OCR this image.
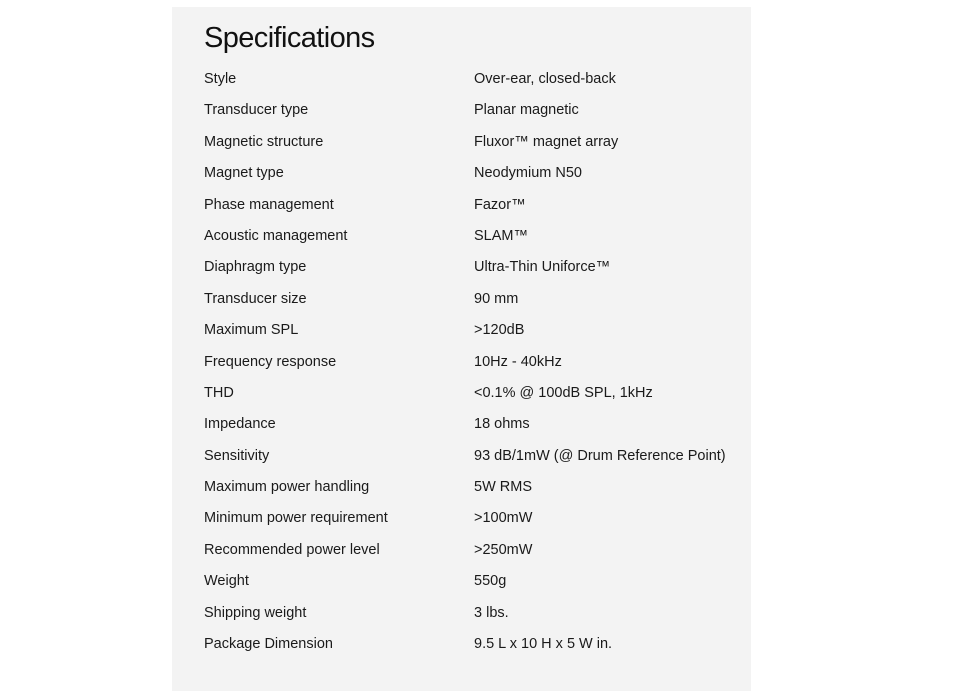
Specifications
Style	Over-ear, closed-back
Transducer type	Planar magnetic
Magnetic structure	Fluxor™ magnet array
Magnet type	Neodymium N50
Phase management	Fazor™
Acoustic management	SLAM™
Diaphragm type	Ultra-Thin Uniforce™
Transducer size	90 mm
Maximum SPL	>120dB
Frequency response	10Hz - 40kHz
THD	<0.1% @ 100dB SPL, 1kHz
Impedance	18 ohms
Sensitivity	93 dB/1mW (@ Drum Reference Point)
Maximum power handling	5W RMS
Minimum power requirement	>100mW
Recommended power level	>250mW
Weight	550g
Shipping weight	3 lbs.
Package Dimension	9.5 L x 10 H x 5 W in.
